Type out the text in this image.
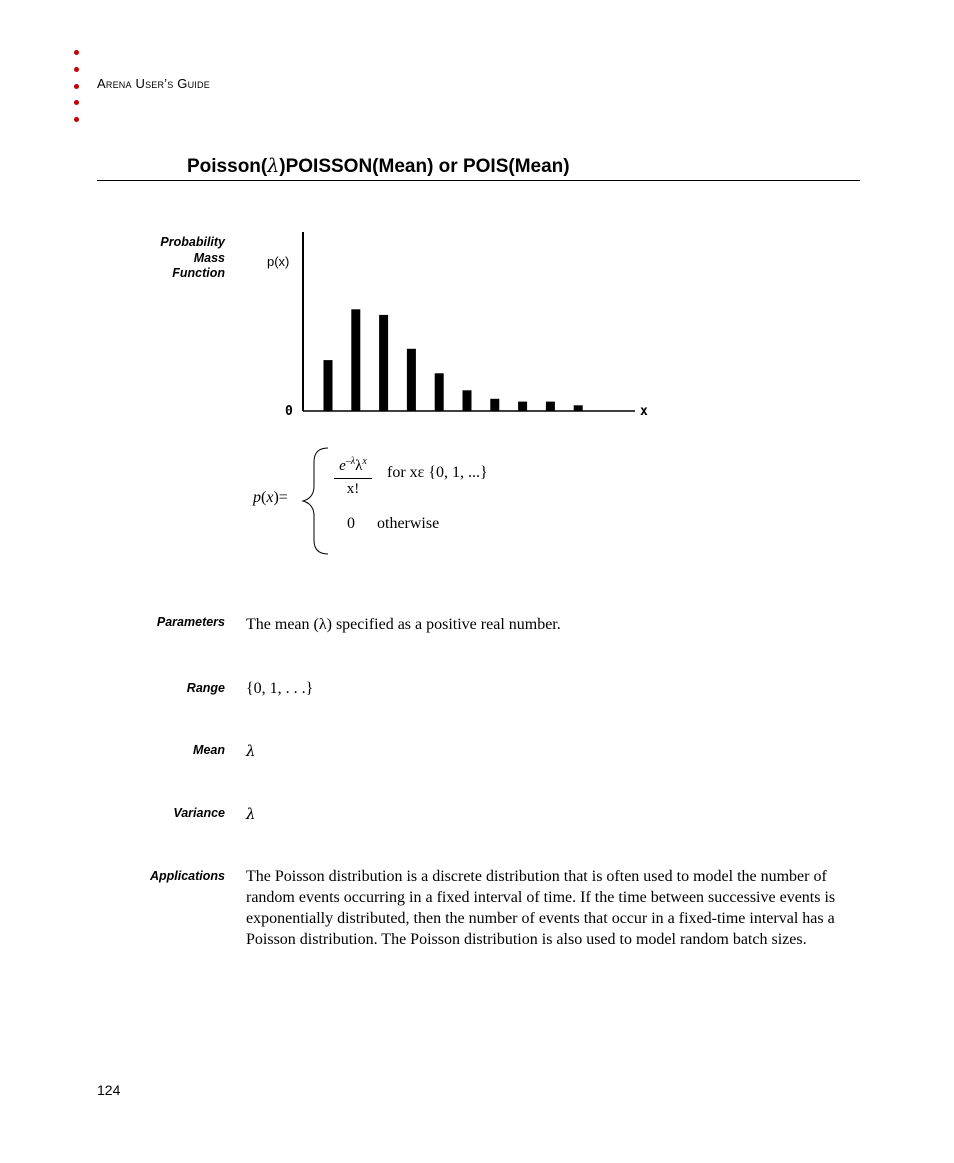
Arena User’s Guide
Poisson(λ)POISSON(Mean) or POIS(Mean)
Probability
Mass
Function
p(x)
0	x
p(x)=
$e^{-\lambda}\lambda^x$
x!
for xε {0, 1, ...}
0 otherwise
Parameters The mean (λ) specified as a positive real number.
Range {0, 1, . . .}
Mean λ
Variance λ
Applications The Poisson distribution is a discrete distribution that is often used to model the number of random events occurring in a fixed interval of time. If the time between successive events is exponentially distributed, then the number of events that occur in a fixed-time interval has a Poisson distribution. The Poisson distribution is also used to model random batch sizes.
124
